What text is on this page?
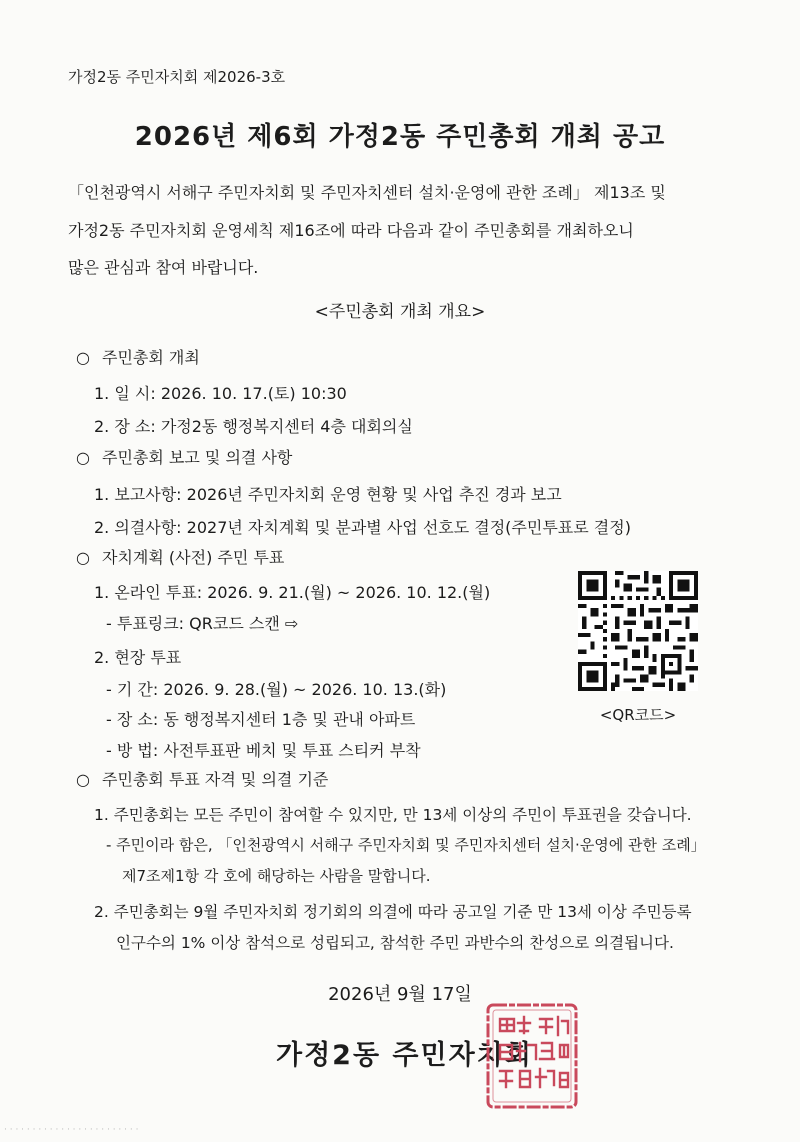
가정2동 주민자치회 제2026-3호
2026년 제6회 가정2동 주민총회 개최 공고
「인천광역시 서해구 주민자치회 및 주민자치센터 설치·운영에 관한 조례」 제13조 및
가정2동 주민자치회 운영세칙 제16조에 따라 다음과 같이 주민총회를 개최하오니
많은 관심과 참여 바랍니다.
<주민총회 개최 개요>
○ 주민총회 개최
1. 일 시: 2026. 10. 17.(토) 10:30
2. 장 소: 가정2동 행정복지센터 4층 대회의실
○ 주민총회 보고 및 의결 사항
1. 보고사항: 2026년 주민자치회 운영 현황 및 사업 추진 경과 보고
2. 의결사항: 2027년 자치계획 및 분과별 사업 선호도 결정(주민투표로 결정)
○ 자치계획 (사전) 주민 투표
1. 온라인 투표: 2026. 9. 21.(월) ~ 2026. 10. 12.(월)
- 투표링크: QR코드 스캔 ⇨
2. 현장 투표
- 기 간: 2026. 9. 28.(월) ~ 2026. 10. 13.(화)
- 장 소: 동 행정복지센터 1층 및 관내 아파트
- 방 법: 사전투표판 베치 및 투표 스티커 부착
<QR코드>
○ 주민총회 투표 자격 및 의결 기준
1. 주민총회는 모든 주민이 참여할 수 있지만, 만 13세 이상의 주민이 투표권을 갖습니다.
- 주민이라 함은, 「인천광역시 서해구 주민자치회 및 주민자치센터 설치·운영에 관한 조례」
제7조제1항 각 호에 해당하는 사람을 말합니다.
2. 주민총회는 9월 주민자치회 정기회의 의결에 따라 공고일 기준 만 13세 이상 주민등록
인구수의 1% 이상 참석으로 성립되고, 참석한 주민 과반수의 찬성으로 의결됩니다.
2026년 9월 17일
가정2동 주민자치회
· · · · · · · · · · · · · · · · · · · · · · · ·
